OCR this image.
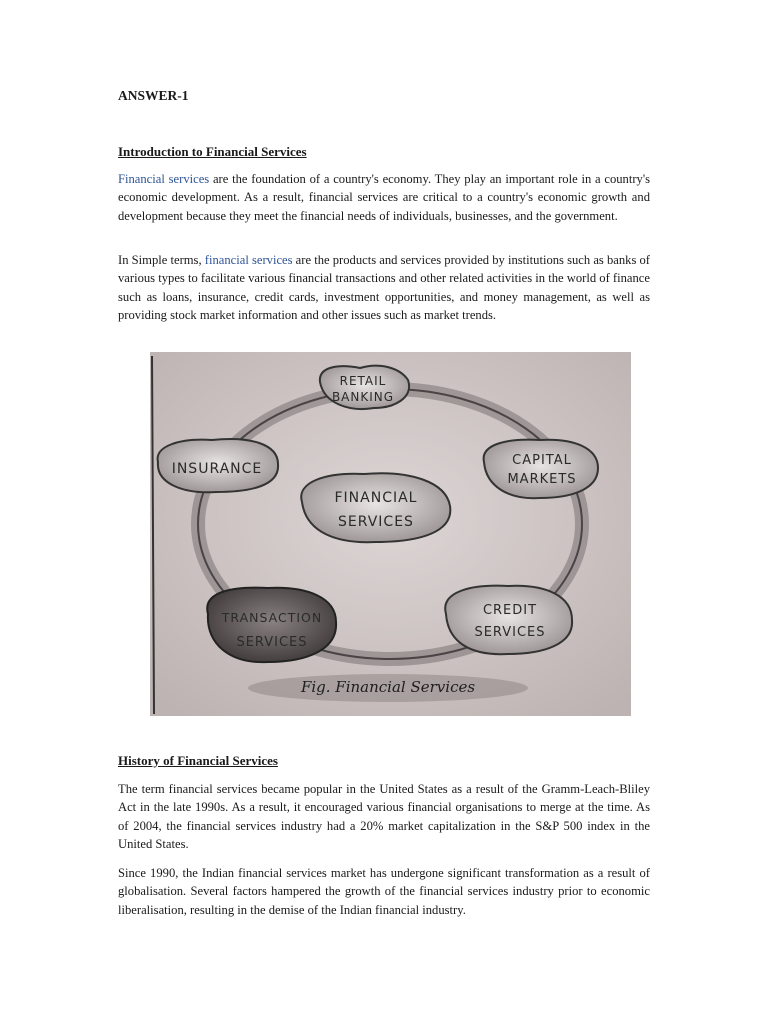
ANSWER-1

Introduction to Financial Services

Financial services are the foundation of a country's economy. They play an important role in a country's economic development. As a result, financial services are critical to a country's economic growth and development because they meet the financial needs of individuals, businesses, and the government.

In Simple terms, financial services are the products and services provided by institutions such as banks of various types to facilitate various financial transactions and other related activities in the world of finance such as loans, insurance, credit cards, investment opportunities, and money management, as well as providing stock market information and other issues such as market trends.

RETAIL
BANKING
INSURANCE
CAPITAL
MARKETS
FINANCIAL
SERVICES
TRANSACTION
SERVICES
CREDIT
SERVICES
Fig. Financial Services

History of Financial Services

The term financial services became popular in the United States as a result of the Gramm-Leach-Bliley Act in the late 1990s. As a result, it encouraged various financial organisations to merge at the time. As of 2004, the financial services industry had a 20% market capitalization in the S&P 500 index in the United States.

Since 1990, the Indian financial services market has undergone significant transformation as a result of globalisation. Several factors hampered the growth of the financial services industry prior to economic liberalisation, resulting in the demise of the Indian financial industry.
